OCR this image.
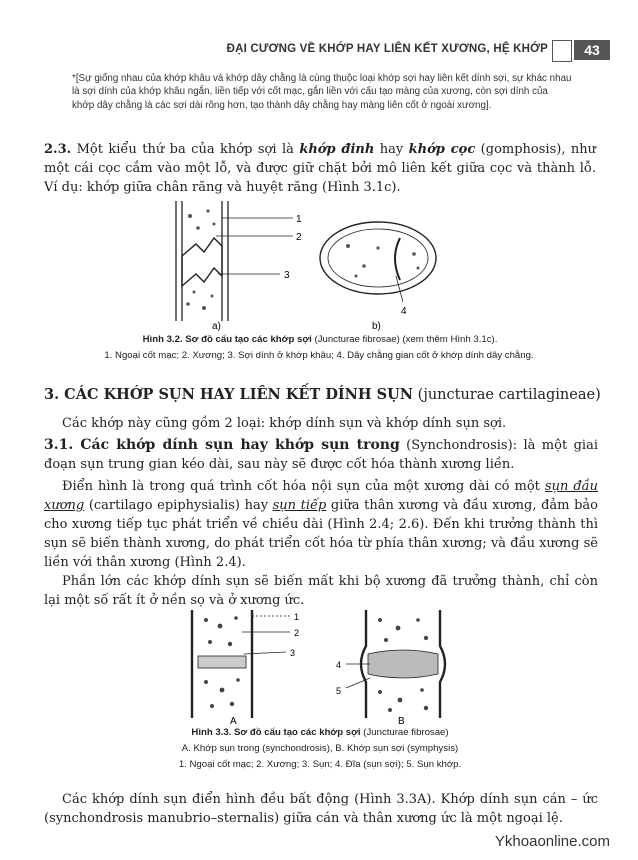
ĐẠI CƯƠNG VỀ KHỚP HAY LIÊN KẾT XƯƠNG, HỆ KHỚP	43
*[Sự giống nhau của khớp khâu và khớp dây chằng là cùng thuộc loại khớp sợi hay liên kết dính sợi, sự khác nhau là sợi dính của khớp khâu ngắn, liền tiếp với cốt mạc, gắn liền với cấu tạo màng của xương, còn sợi dính của khớp dây chằng là các sợi dài rõng hơn, tạo thành dây chằng hay màng liên cốt ở ngoài xương].
2.3. Một kiểu thứ ba của khớp sợi là khớp đinh hay khớp cọc (gomphosis), như một cái cọc cắm vào một lỗ, và được giữ chặt bởi mô liên kết giữa cọc và thành lỗ. Ví dụ: khớp giữa chân răng và huyệt răng (Hình 3.1c).
1
2
3
4
a)	b)
Hình 3.2. Sơ đồ cấu tạo các khớp sợi (Juncturae fibrosae) (xem thêm Hình 3.1c).
1. Ngoại cốt mạc; 2. Xương; 3. Sợi dính ở khớp khâu; 4. Dây chằng gian cốt ở khớp dính dây chằng.
3. CÁC KHỚP SỤN HAY LIÊN KẾT DÍNH SỤN (juncturae cartilagineae)
Các khớp này cũng gồm 2 loại: khớp dính sụn và khớp dính sụn sợi.
3.1. Các khớp dính sụn hay khớp sụn trong (Synchondrosis): là một giai đoạn sụn trung gian kéo dài, sau này sẽ được cốt hóa thành xương liền.
Điển hình là trong quá trình cốt hóa nội sụn của một xương dài có một sụn đầu xương (cartilago epiphysialis) hay sụn tiếp giữa thân xương và đầu xương, đảm bảo cho xương tiếp tục phát triển về chiều dài (Hình 2.4; 2.6). Đến khi trưởng thành thì sụn sẽ biến thành xương, do phát triển cốt hóa từ phía thân xương; và đầu xương sẽ liền với thân xương (Hình 2.4).
Phần lớn các khớp dính sụn sẽ biến mất khi bộ xương đã trưởng thành, chỉ còn lại một số rất ít ở nền sọ và ở xương ức.
1
2
3
4
5
A	B
Hình 3.3. Sơ đồ cấu tạo các khớp sợi (Juncturae fibrosae)
A. Khớp sụn trong (synchondrosis), B. Khớp sụn sợi (symphysis)
1. Ngoại cốt mạc; 2. Xương; 3. Sụn; 4. Đĩa (sụn sợi); 5. Sụn khớp.
Các khớp dính sụn điển hình đều bất động (Hình 3.3A). Khớp dính sụn cán – ức (synchondrosis manubrio–sternalis) giữa cán và thân xương ức là một ngoại lệ.
Ykhoaonline.com
